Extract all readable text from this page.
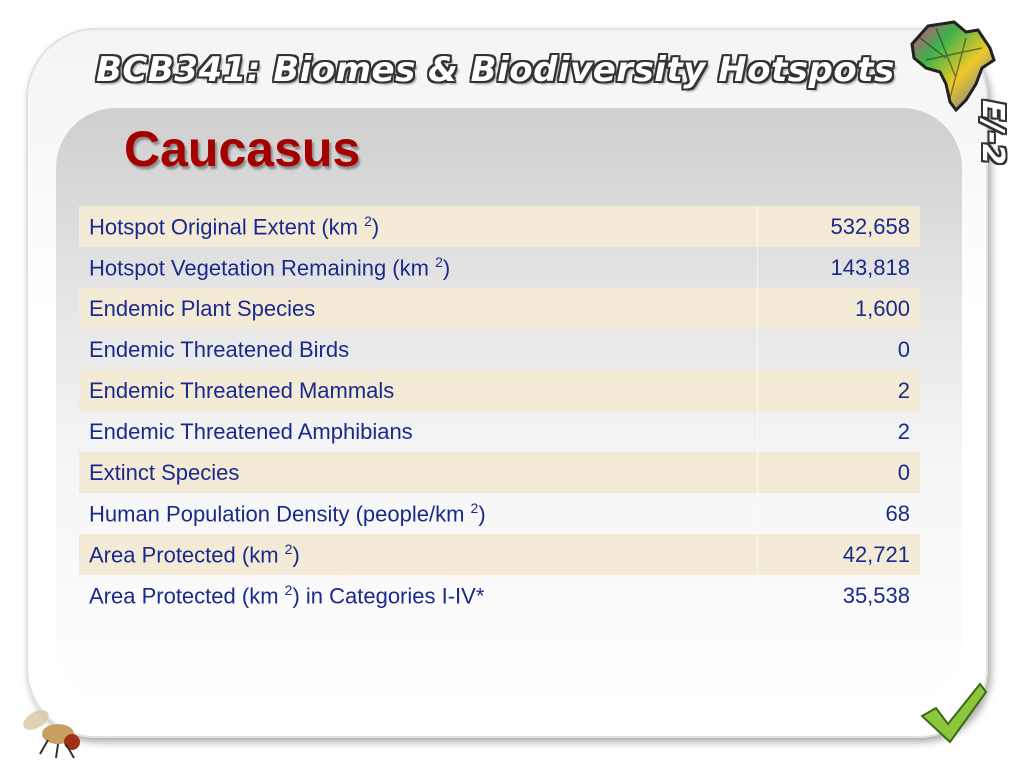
BCB341: Biomes & Biodiversity Hotspots
E/-2
Caucasus
Hotspot Original Extent (km $^2$)	532,658
Hotspot Vegetation Remaining (km $^2$)	143,818
Endemic Plant Species	1,600
Endemic Threatened Birds	0
Endemic Threatened Mammals	2
Endemic Threatened Amphibians	2
Extinct Species	0
Human Population Density (people/km $^2$)	68
Area Protected (km $^2$)	42,721
Area Protected (km $^2$) in Categories I-IV*	35,538
